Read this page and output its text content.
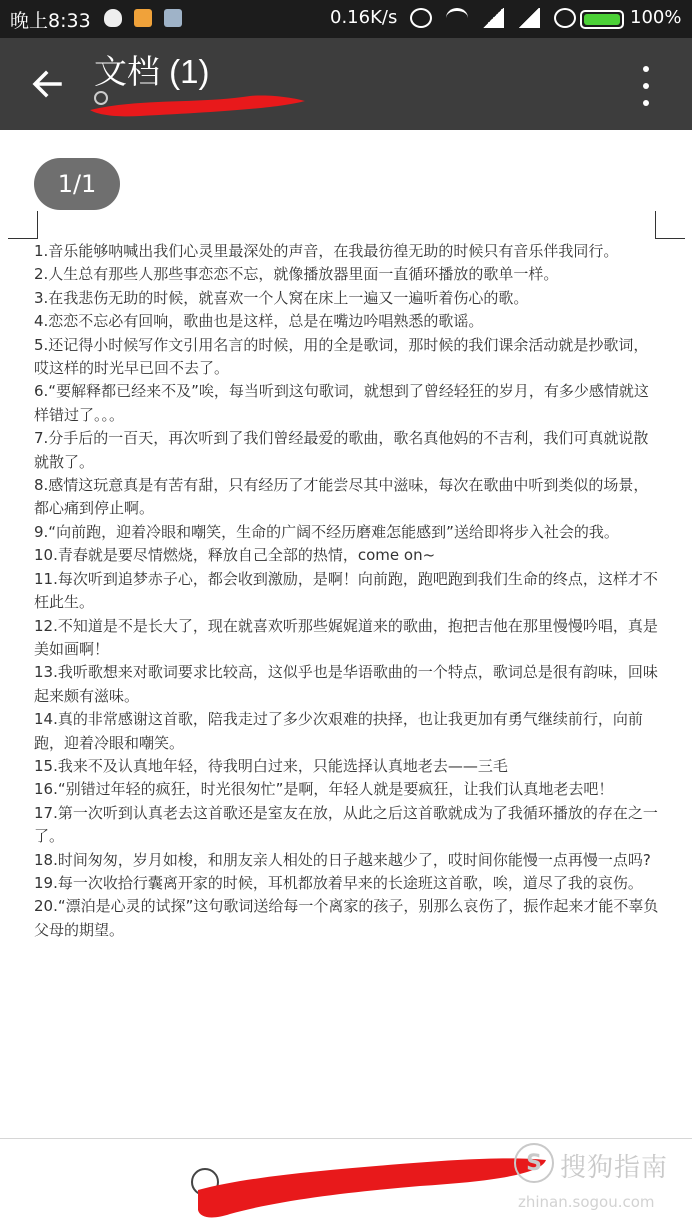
晚上8:33	0.16K/s	100%
文档 (1)
1/1

1.音乐能够呐喊出我们心灵里最深处的声音，在我最彷徨无助的时候只有音乐伴我同行。

2.人生总有那些人那些事恋恋不忘，就像播放器里面一直循环播放的歌单一样。

3.在我悲伤无助的时候，就喜欢一个人窝在床上一遍又一遍听着伤心的歌。

4.恋恋不忘必有回响，歌曲也是这样，总是在嘴边吟唱熟悉的歌谣。

5.还记得小时候写作文引用名言的时候，用的全是歌词，那时候的我们课余活动就是抄歌词，哎这样的时光早已回不去了。

6.“要解释都已经来不及”唉，每当听到这句歌词，就想到了曾经轻狂的岁月，有多少感情就这样错过了。。。

7.分手后的一百天，再次听到了我们曾经最爱的歌曲，歌名真他妈的不吉利，我们可真就说散就散了。

8.感情这玩意真是有苦有甜，只有经历了才能尝尽其中滋味，每次在歌曲中听到类似的场景，都心痛到停止啊。

9.“向前跑，迎着冷眼和嘲笑，生命的广阔不经历磨难怎能感到”送给即将步入社会的我。

10.青春就是要尽情燃烧，释放自己全部的热情，come on~

11.每次听到追梦赤子心，都会收到激励，是啊！向前跑，跑吧跑到我们生命的终点，这样才不枉此生。

12.不知道是不是长大了，现在就喜欢听那些娓娓道来的歌曲，抱把吉他在那里慢慢吟唱，真是美如画啊！

13.我听歌想来对歌词要求比较高，这似乎也是华语歌曲的一个特点，歌词总是很有韵味，回味起来颇有滋味。

14.真的非常感谢这首歌，陪我走过了多少次艰难的抉择，也让我更加有勇气继续前行，向前跑，迎着冷眼和嘲笑。

15.我来不及认真地年轻，待我明白过来，只能选择认真地老去——三毛

16.“别错过年轻的疯狂，时光很匆忙”是啊，年轻人就是要疯狂，让我们认真地老去吧！

17.第一次听到认真老去这首歌还是室友在放，从此之后这首歌就成为了我循环播放的存在之一了。

18.时间匆匆，岁月如梭，和朋友亲人相处的日子越来越少了，哎时间你能慢一点再慢一点吗?

19.每一次收拾行囊离开家的时候，耳机都放着早来的长途班这首歌，唉，道尽了我的哀伤。

20.“漂泊是心灵的试探”这句歌词送给每一个离家的孩子，别那么哀伤了，振作起来才能不辜负父母的期望。

S 搜狗指南
zhinan.sogou.com
